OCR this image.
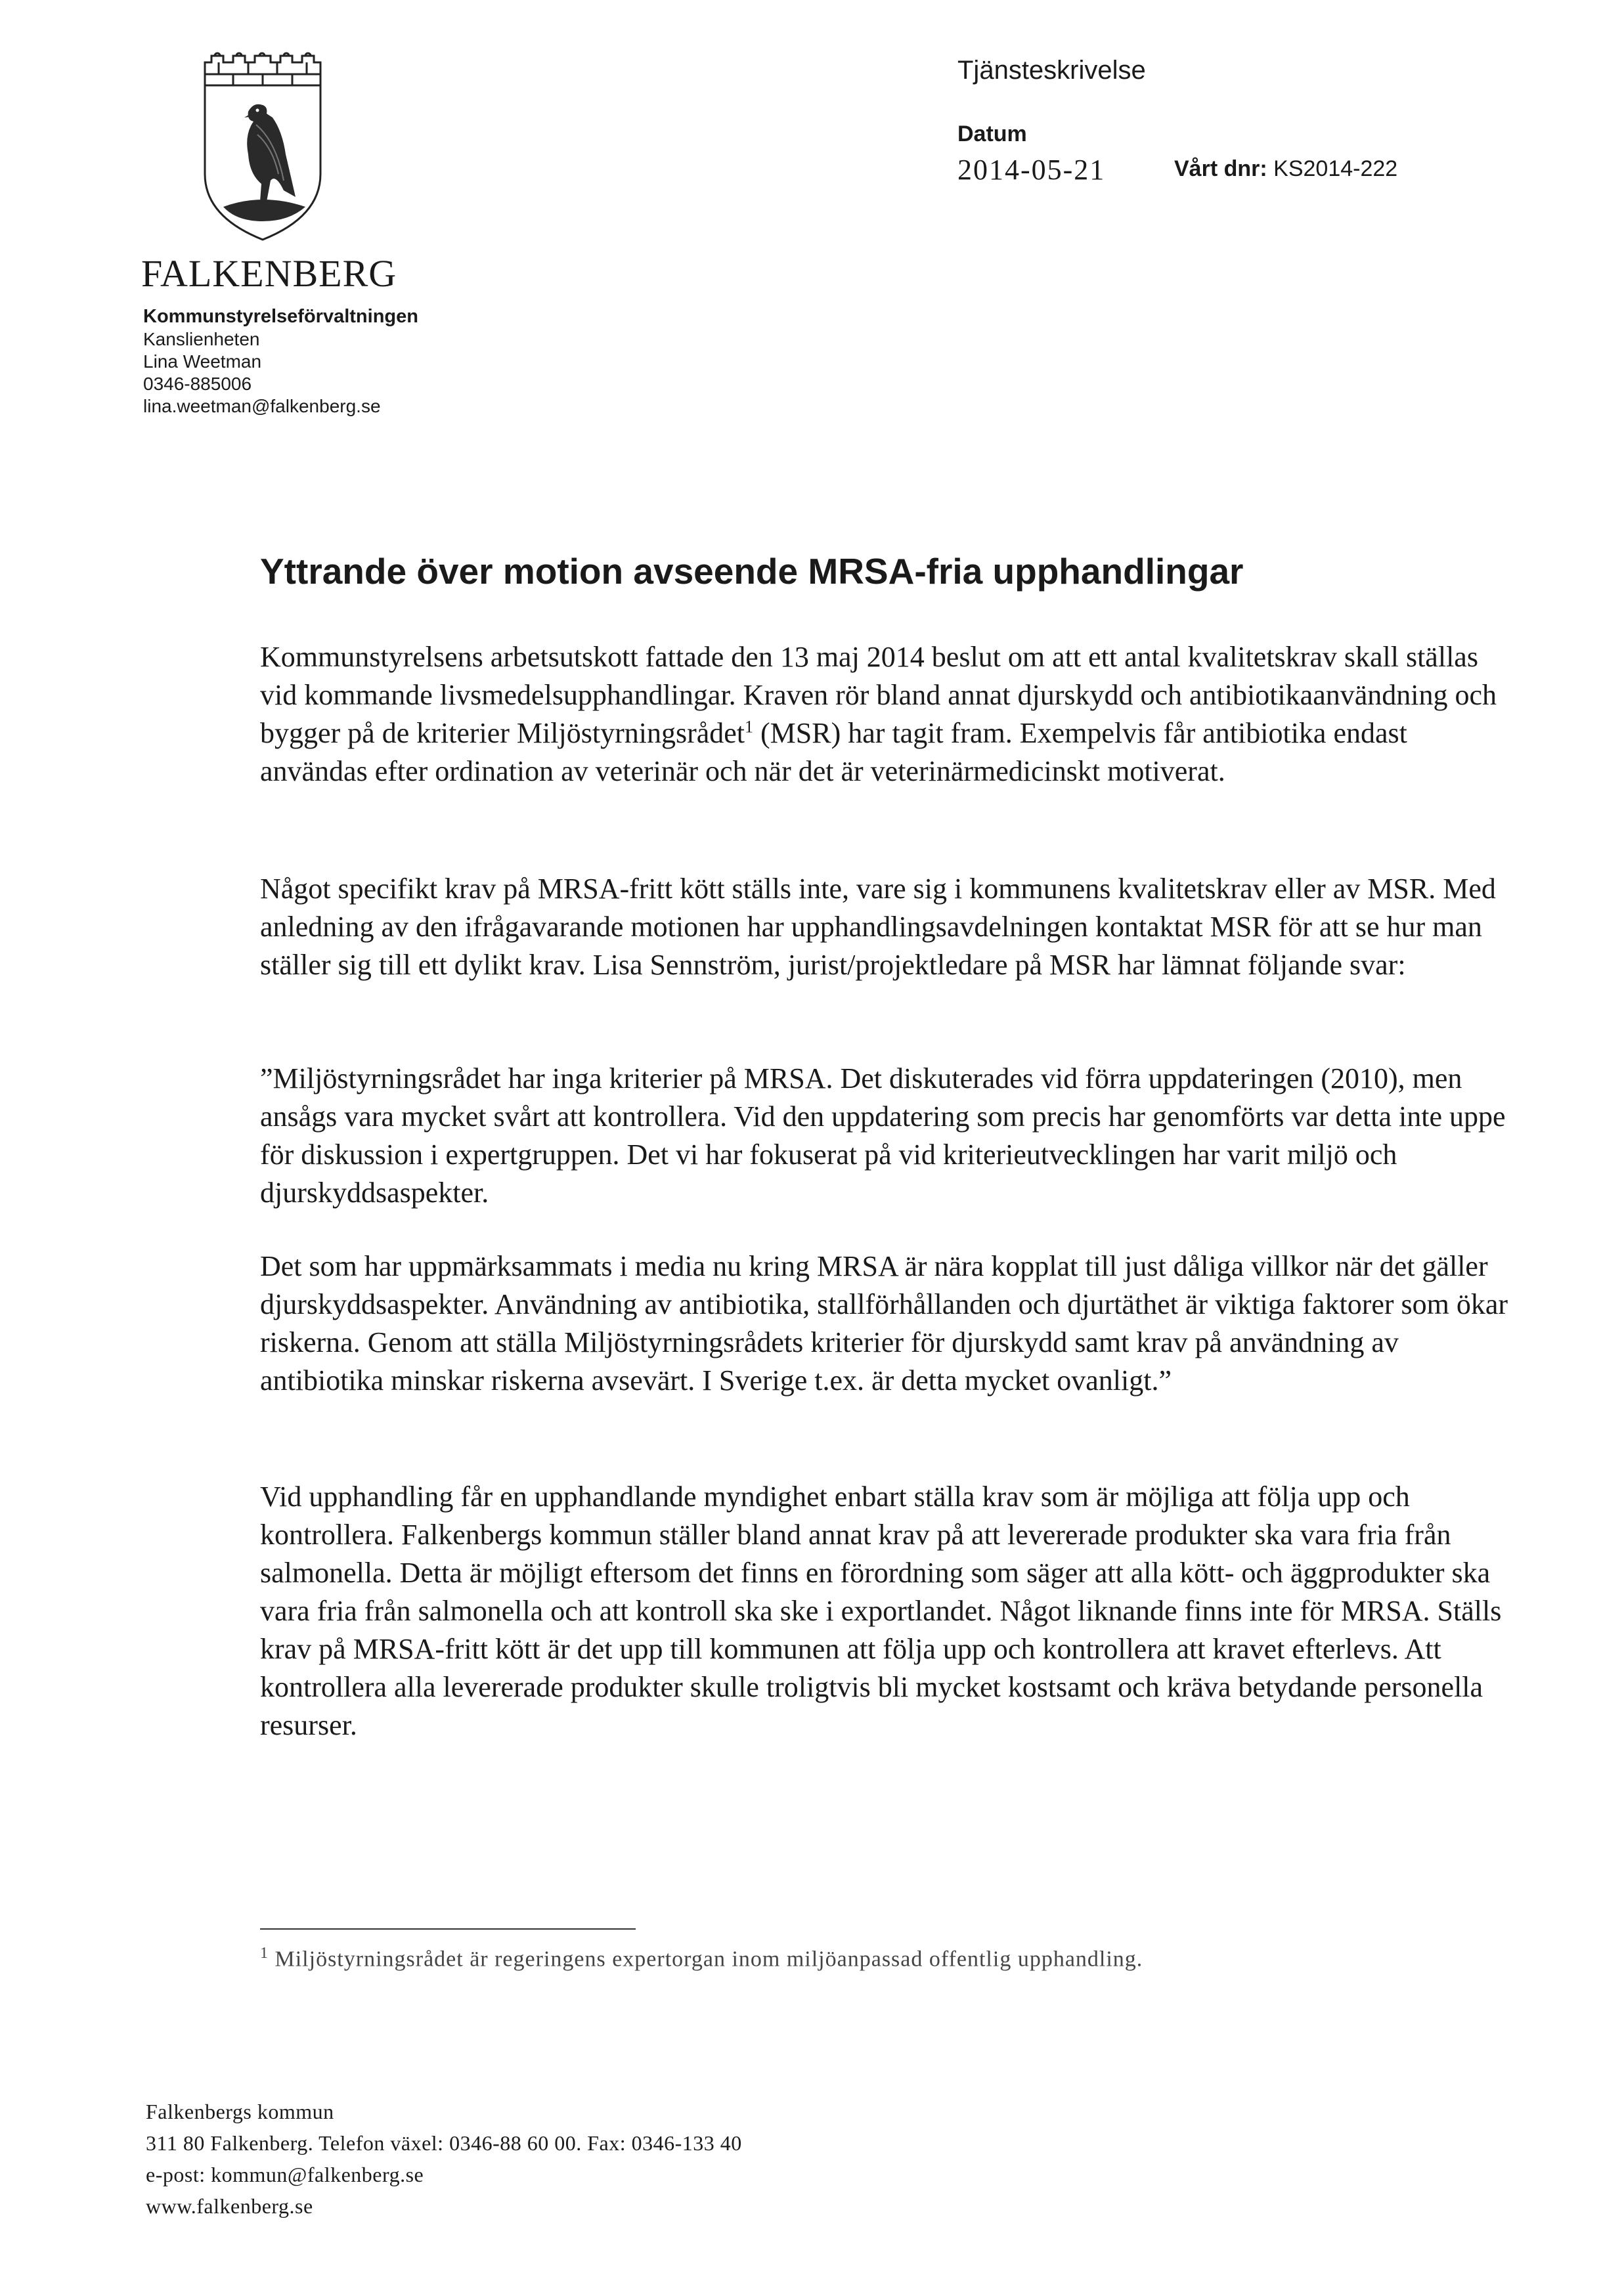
FALKENBERG
Kommunstyrelseförvaltningen
Kanslienheten
Lina Weetman
0346-885006
lina.weetman@falkenberg.se
Tjänsteskrivelse
Datum
2014-05-21	Vårt dnr: KS2014-222
Yttrande över motion avseende MRSA-fria upphandlingar

Kommunstyrelsens arbetsutskott fattade den 13 maj 2014 beslut om att ett antal kvalitetskrav skall ställas vid kommande livsmedelsupphandlingar. Kraven rör bland annat djurskydd och antibiotikaanvändning och bygger på de kriterier Miljöstyrningsrådet$^1$ (MSR) har tagit fram. Exempelvis får antibiotika endast användas efter ordination av veterinär och när det är veterinärmedicinskt motiverat.

Något specifikt krav på MRSA-fritt kött ställs inte, vare sig i kommunens kvalitetskrav eller av MSR. Med anledning av den ifrågavarande motionen har upphandlingsavdelningen kontaktat MSR för att se hur man ställer sig till ett dylikt krav. Lisa Sennström, jurist/projektledare på MSR har lämnat följande svar:

”Miljöstyrningsrådet har inga kriterier på MRSA. Det diskuterades vid förra uppdateringen (2010), men ansågs vara mycket svårt att kontrollera. Vid den uppdatering som precis har genomförts var detta inte uppe för diskussion i expertgruppen. Det vi har fokuserat på vid kriterieutvecklingen har varit miljö och djurskyddsaspekter.

Det som har uppmärksammats i media nu kring MRSA är nära kopplat till just dåliga villkor när det gäller djurskyddsaspekter. Användning av antibiotika, stallförhållanden och djurtäthet är viktiga faktorer som ökar riskerna. Genom att ställa Miljöstyrningsrådets kriterier för djurskydd samt krav på användning av antibiotika minskar riskerna avsevärt. I Sverige t.ex. är detta mycket ovanligt.”

Vid upphandling får en upphandlande myndighet enbart ställa krav som är möjliga att följa upp och kontrollera. Falkenbergs kommun ställer bland annat krav på att levererade produkter ska vara fria från salmonella. Detta är möjligt eftersom det finns en förordning som säger att alla kött- och äggprodukter ska vara fria från salmonella och att kontroll ska ske i exportlandet. Något liknande finns inte för MRSA. Ställs krav på MRSA-fritt kött är det upp till kommunen att följa upp och kontrollera att kravet efterlevs. Att kontrollera alla levererade produkter skulle troligtvis bli mycket kostsamt och kräva betydande personella resurser.

$^1$ Miljöstyrningsrådet är regeringens expertorgan inom miljöanpassad offentlig upphandling.
Falkenbergs kommun
311 80 Falkenberg. Telefon växel: 0346-88 60 00. Fax: 0346-133 40
e-post: kommun@falkenberg.se
www.falkenberg.se
